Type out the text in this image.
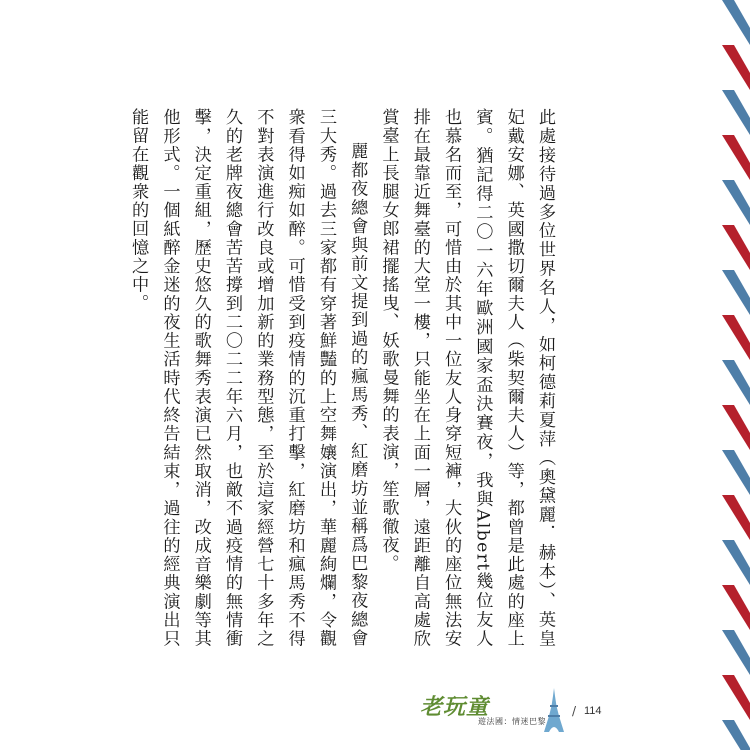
此處接待過多位世界名人，如柯德莉夏萍（奧黛麗．赫本）、英皇妃戴安娜、英國撒切爾夫人（柴契爾夫人）等，都曾是此處的座上賓。猶記得二〇一六年歐洲國家盃決賽夜，我與Albert幾位友人也慕名而至，可惜由於其中一位友人身穿短褲，大伙的座位無法安排在最靠近舞臺的大堂一樓，只能坐在上面一層，遠距離自高處欣賞臺上長腿女郎裙擺搖曳、妖歌曼舞的表演，笙歌徹夜。

麗都夜總會與前文提到過的瘋馬秀、紅磨坊並稱爲巴黎夜總會三大秀。過去三家都有穿著鮮豔的上空舞孃演出，華麗絢爛，令觀衆看得如痴如醉。可惜受到疫情的沉重打擊，紅磨坊和瘋馬秀不得不對表演進行改良或增加新的業務型態，至於這家經營七十多年之久的老牌夜總會苦苦撐到二〇二二年六月，也敵不過疫情的無情衝擊，決定重組，歷史悠久的歌舞秀表演已然取消，改成音樂劇等其他形式。一個紙醉金迷的夜生活時代終告結束，過往的經典演出只能留在觀衆的回憶之中。

老玩童
遊法國：情迷巴黎
/ 114
